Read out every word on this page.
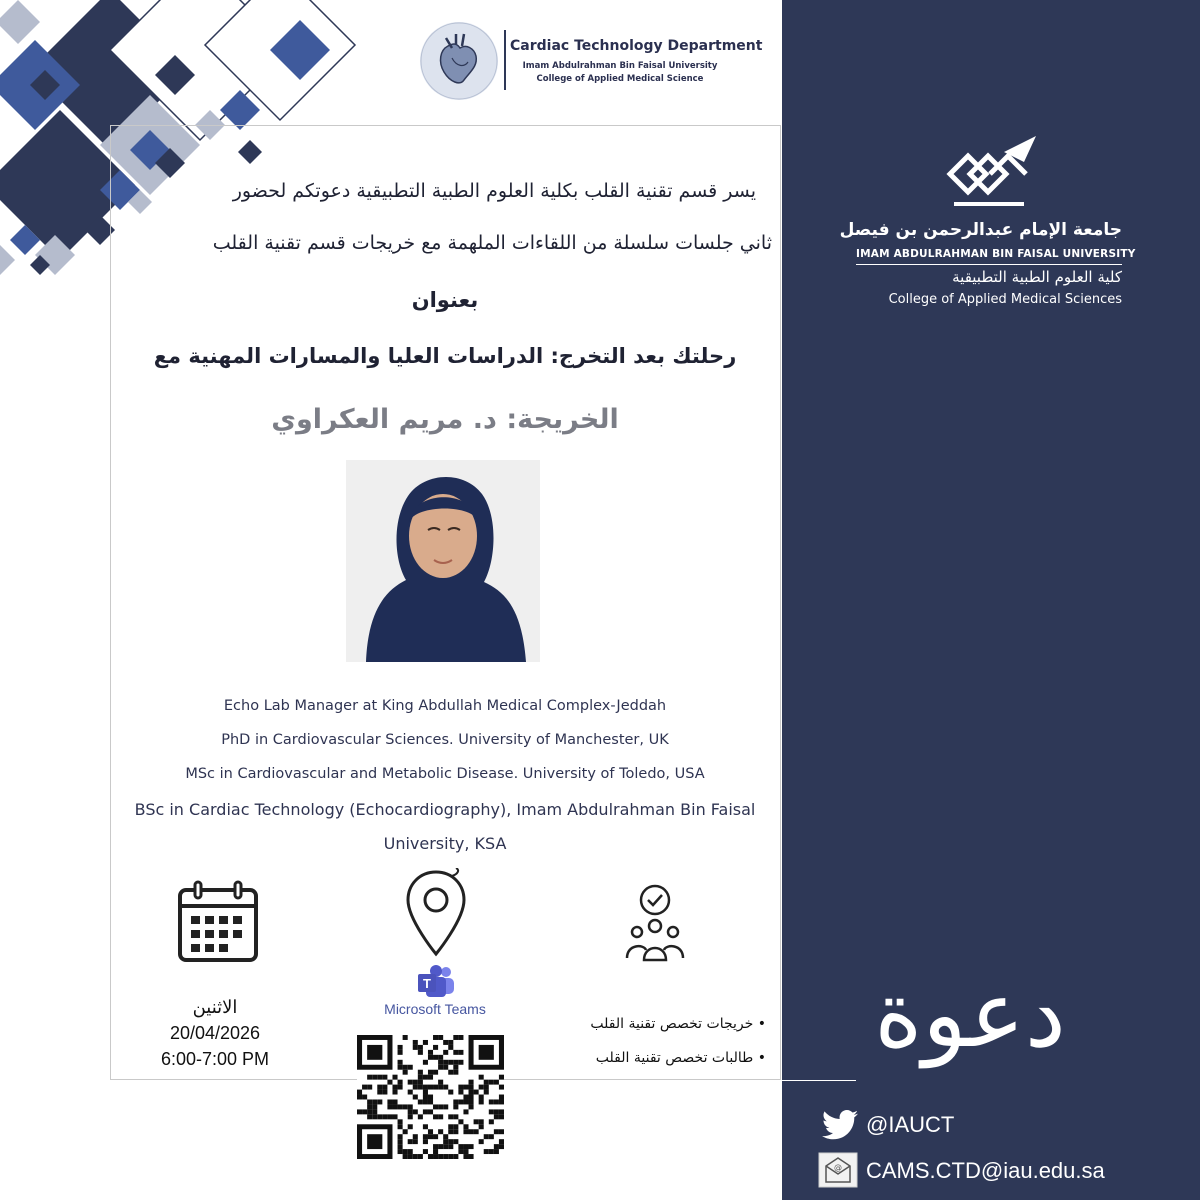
Cardiac Technology Department
Imam Abdulrahman Bin Faisal University
College of Applied Medical Science
يسر قسم تقنية القلب بكلية العلوم الطبية التطبيقية دعوتكم لحضور
ثاني جلسات سلسلة من اللقاءات الملهمة مع خريجات قسم تقنية القلب
بعنوان
رحلتك بعد التخرج: الدراسات العليا والمسارات المهنية مع
الخريجة: د. مريم العكراوي
Echo Lab Manager at King Abdullah Medical Complex-Jeddah
PhD in Cardiovascular Sciences. University of Manchester, UK
MSc in Cardiovascular and Metabolic Disease. University of Toledo, USA
BSc in Cardiac Technology (Echocardiography), Imam Abdulrahman Bin Faisal
University, KSA
الاثنين
20/04/2026
6:00-7:00 PM
T
Microsoft Teams
• خريجات تخصص تقنية القلب
• طالبات تخصص تقنية القلب
جامعة الإمام عبدالرحمن بن فيصل
IMAM ABDULRAHMAN BIN FAISAL UNIVERSITY
كلية العلوم الطبية التطبيقية
College of Applied Medical Sciences
دعوة
@IAUCT
@ CAMS.CTD@iau.edu.sa
